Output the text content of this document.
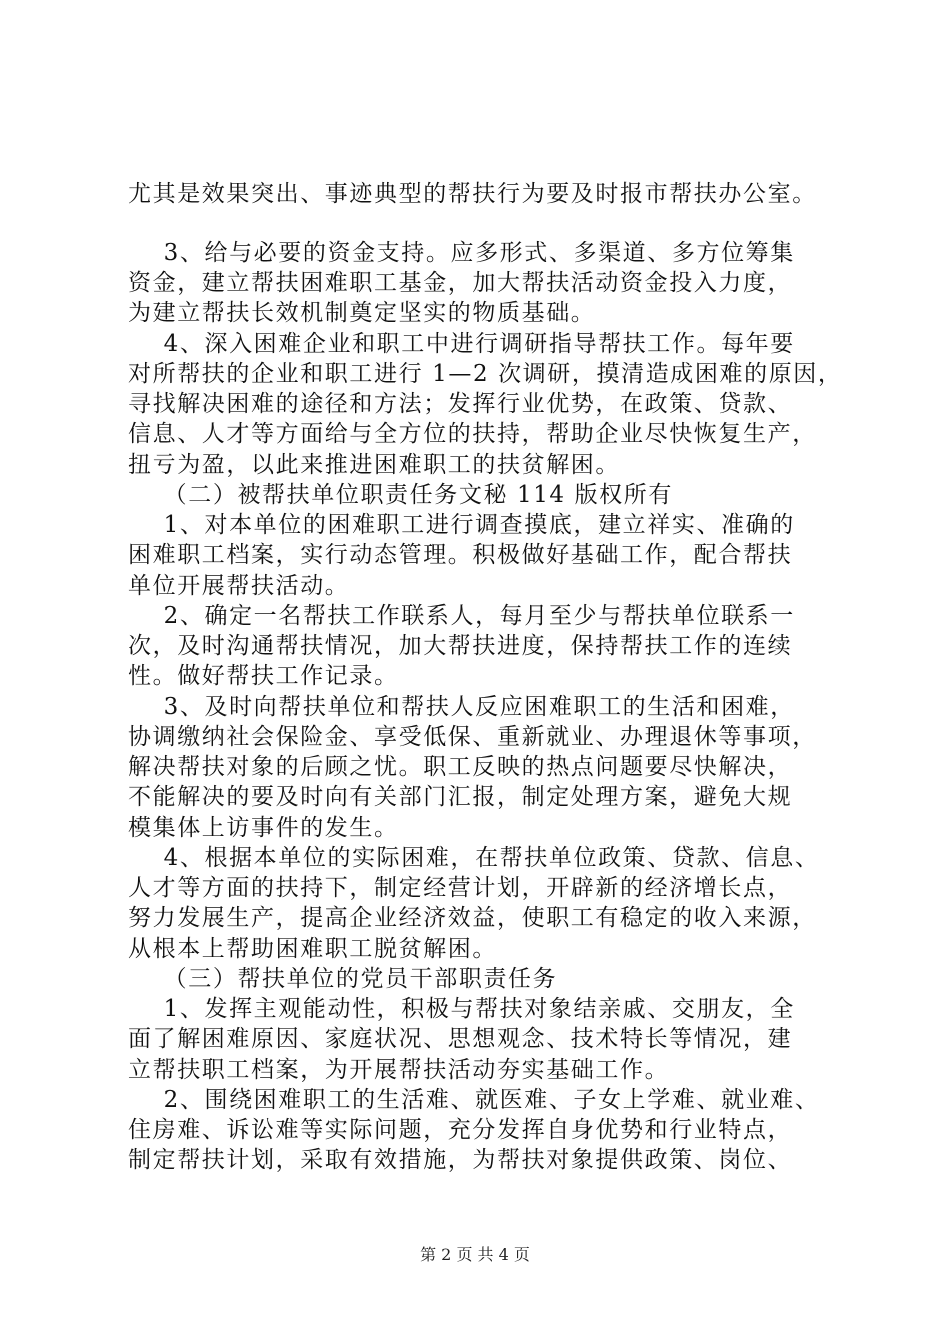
尤其是效果突出、事迹典型的帮扶行为要及时报市帮扶办公室。
3、给与必要的资金支持。应多形式、多渠道、多方位筹集
资金，建立帮扶困难职工基金，加大帮扶活动资金投入力度，
为建立帮扶长效机制奠定坚实的物质基础。
4、深入困难企业和职工中进行调研指导帮扶工作。每年要
对所帮扶的企业和职工进行 1—2 次调研，摸清造成困难的原因，
寻找解决困难的途径和方法；发挥行业优势，在政策、贷款、
信息、人才等方面给与全方位的扶持，帮助企业尽快恢复生产，
扭亏为盈，以此来推进困难职工的扶贫解困。
（二）被帮扶单位职责任务文秘 114 版权所有
1、对本单位的困难职工进行调查摸底，建立祥实、准确的
困难职工档案，实行动态管理。积极做好基础工作，配合帮扶
单位开展帮扶活动。
2、确定一名帮扶工作联系人，每月至少与帮扶单位联系一
次，及时沟通帮扶情况，加大帮扶进度，保持帮扶工作的连续
性。做好帮扶工作记录。
3、及时向帮扶单位和帮扶人反应困难职工的生活和困难，
协调缴纳社会保险金、享受低保、重新就业、办理退休等事项，
解决帮扶对象的后顾之忧。职工反映的热点问题要尽快解决，
不能解决的要及时向有关部门汇报，制定处理方案，避免大规
模集体上访事件的发生。
4、根据本单位的实际困难，在帮扶单位政策、贷款、信息、
人才等方面的扶持下，制定经营计划，开辟新的经济增长点，
努力发展生产，提高企业经济效益，使职工有稳定的收入来源，
从根本上帮助困难职工脱贫解困。
（三）帮扶单位的党员干部职责任务
1、发挥主观能动性，积极与帮扶对象结亲戚、交朋友，全
面了解困难原因、家庭状况、思想观念、技术特长等情况，建
立帮扶职工档案，为开展帮扶活动夯实基础工作。
2、围绕困难职工的生活难、就医难、子女上学难、就业难、
住房难、诉讼难等实际问题，充分发挥自身优势和行业特点，
制定帮扶计划，采取有效措施，为帮扶对象提供政策、岗位、
第 2 页 共 4 页
